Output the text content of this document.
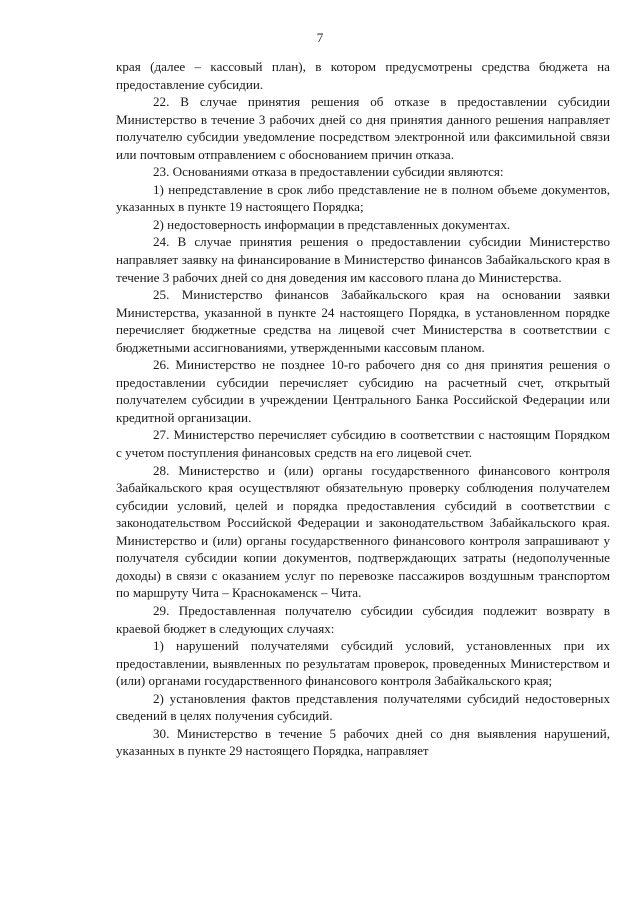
7

края (далее – кассовый план), в котором предусмотрены средства бюджета на предоставление субсидии.

22. В случае принятия решения об отказе в предоставлении субсидии Министерство в течение 3 рабочих дней со дня принятия данного решения направляет получателю субсидии уведомление посредством электронной или факсимильной связи или почтовым отправлением с обоснованием причин отказа.

23. Основаниями отказа в предоставлении субсидии являются:

1) непредставление в срок либо представление не в полном объеме документов, указанных в пункте 19 настоящего Порядка;

2) недостоверность информации в представленных документах.

24. В случае принятия решения о предоставлении субсидии Министерство направляет заявку на финансирование в Министерство финансов Забайкальского края в течение 3 рабочих дней со дня доведения им кассового плана до Министерства.

25. Министерство финансов Забайкальского края на основании заявки Министерства, указанной в пункте 24 настоящего Порядка, в установленном порядке перечисляет бюджетные средства на лицевой счет Министерства в соответствии с бюджетными ассигнованиями, утвержденными кассовым планом.

26. Министерство не позднее 10-го рабочего дня со дня принятия решения о предоставлении субсидии перечисляет субсидию на расчетный счет, открытый получателем субсидии в учреждении Центрального Банка Российской Федерации или кредитной организации.

27. Министерство перечисляет субсидию в соответствии с настоящим Порядком с учетом поступления финансовых средств на его лицевой счет.

28. Министерство и (или) органы государственного финансового контроля Забайкальского края осуществляют обязательную проверку соблюдения получателем субсидии условий, целей и порядка предоставления субсидий в соответствии с законодательством Российской Федерации и законодательством Забайкальского края. Министерство и (или) органы государственного финансового контроля запрашивают у получателя субсидии копии документов, подтверждающих затраты (недополученные доходы) в связи с оказанием услуг по перевозке пассажиров воздушным транспортом по маршруту Чита – Краснокаменск – Чита.

29. Предоставленная получателю субсидии субсидия подлежит возврату в краевой бюджет в следующих случаях:

1) нарушений получателями субсидий условий, установленных при их предоставлении, выявленных по результатам проверок, проведенных Министерством и (или) органами государственного финансового контроля Забайкальского края;

2) установления фактов представления получателями субсидий недостоверных сведений в целях получения субсидий.

30. Министерство в течение 5 рабочих дней со дня выявления нарушений, указанных в пункте 29 настоящего Порядка, направляет
